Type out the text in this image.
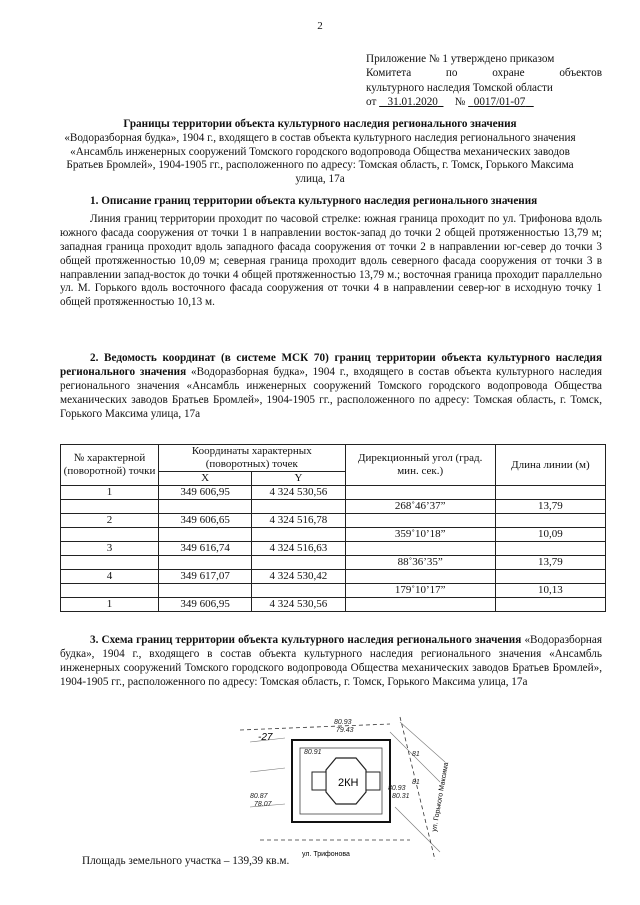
2
Приложение № 1 утверждено приказом
Комитета	по	охране	объектов
культурного наследия Томской области
от 31.01.2020 № 0017/01-07
Границы территории объекта культурного наследия регионального значения
«Водоразборная будка», 1904 г., входящего в состав объекта культурного наследия регионального значения «Ансамбль инженерных сооружений Томского городского водопровода Общества механических заводов Братьев Бромлей», 1904-1905 гг., расположенного по адресу: Томская область, г. Томск, Горького Максима улица, 17а
1. Описание границ территории объекта культурного наследия регионального значения
Линия границ территории проходит по часовой стрелке: южная граница проходит по ул. Трифонова вдоль южного фасада сооружения от точки 1 в направлении восток-запад до точки 2 общей протяженностью 13,79 м; западная граница проходит вдоль западного фасада сооружения от точки 2 в направлении юг-север до точки 3 общей протяженностью 10,09 м; северная граница проходит вдоль северного фасада сооружения от точки 3 в направлении запад-восток до точки 4 общей протяженностью 13,79 м.; восточная граница проходит параллельно ул. М. Горького вдоль восточного фасада сооружения от точки 4 в направлении север-юг в исходную точку 1 общей протяженностью 10,13 м.
2. Ведомость координат (в системе МСК 70) границ территории объекта культурного наследия регионального значения «Водоразборная будка», 1904 г., входящего в состав объекта культурного наследия регионального значения «Ансамбль инженерных сооружений Томского городского водопровода Общества механических заводов Братьев Бромлей», 1904-1905 гг., расположенного по адресу: Томская область, г. Томск, Горького Максима улица, 17а
№ характерной (поворотной) точки	Координаты характерных (поворотных) точек		Дирекционный угол (град. мин. сек.)	Длина линии (м)
	X	Y		
1	349 606,95	4 324 530,56		
			268˚46’37”	13,79
2	349 606,65	4 324 516,78		
			359˚10’18”	10,09
3	349 616,74	4 324 516,63		
			88˚36’35”	13,79
4	349 617,07	4 324 530,42		
			179˚10’17”	10,13
1	349 606,95	4 324 530,56		
3. Схема границ территории объекта культурного наследия регионального значения «Водоразборная будка», 1904 г., входящего в состав объекта культурного наследия регионального значения «Ансамбль инженерных сооружений Томского городского водопровода Общества механических заводов Братьев Бромлей», 1904-1905 гг., расположенного по адресу: Томская область, г. Томск, Горького Максима улица, 17а
2КН
80.93
79.43
80.91
80.87
78.07
80.93
80.31
81
81
-27
ул. Трифонова
ул. Горького Максима
Площадь земельного участка – 139,39 кв.м.
